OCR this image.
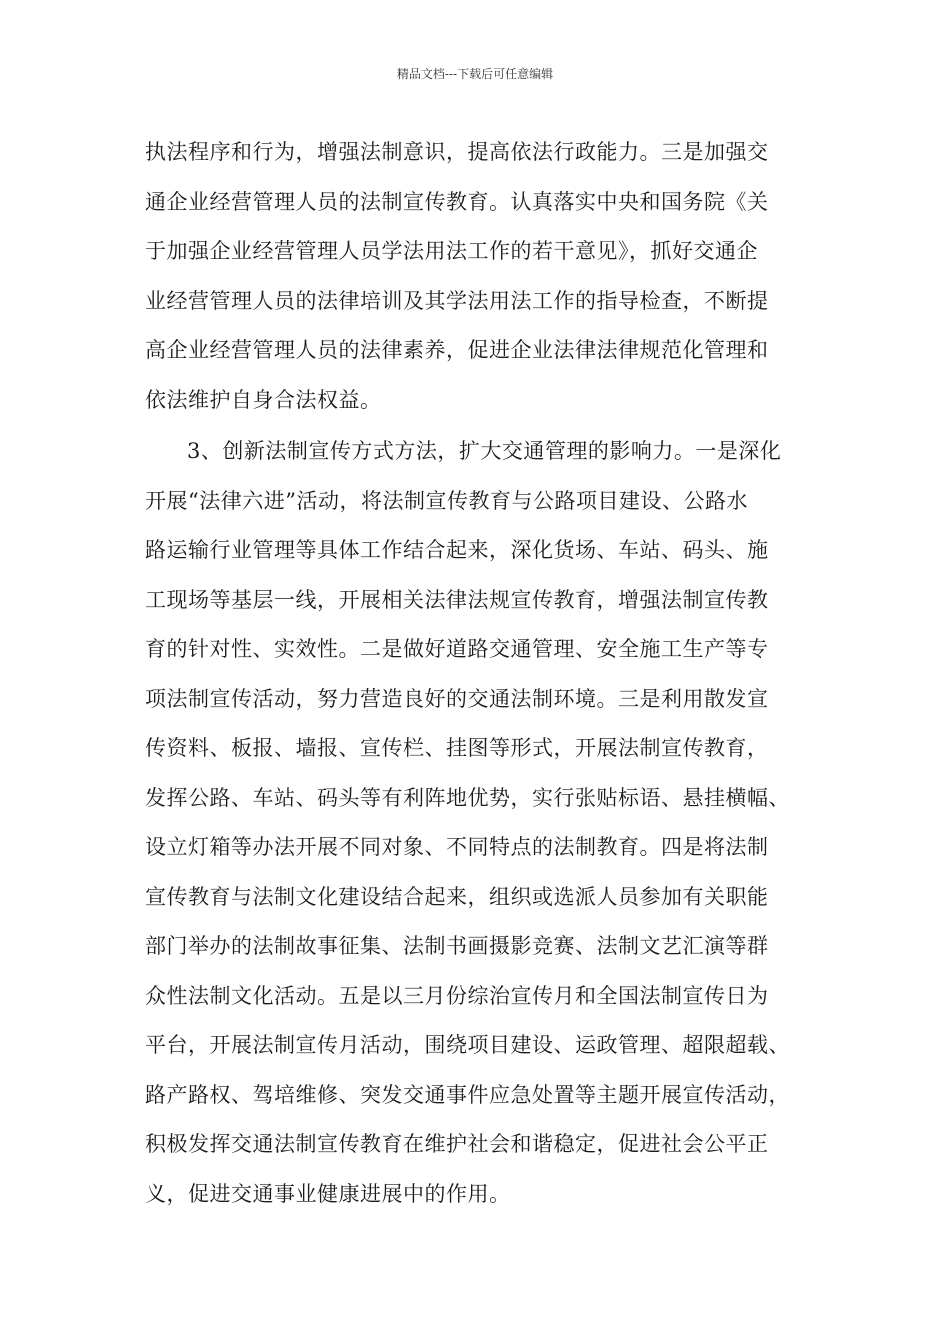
精品文档---下载后可任意编辑
执法程序和行为，增强法制意识，提高依法行政能力。三是加强交
通企业经营管理人员的法制宣传教育。认真落实中央和国务院《关
于加强企业经营管理人员学法用法工作的若干意见》，抓好交通企
业经营管理人员的法律培训及其学法用法工作的指导检查，不断提
高企业经营管理人员的法律素养，促进企业法律法律规范化管理和
依法维护自身合法权益。
3、创新法制宣传方式方法，扩大交通管理的影响力。一是深化
开展“法律六进”活动，将法制宣传教育与公路项目建设、公路水
路运输行业管理等具体工作结合起来，深化货场、车站、码头、施
工现场等基层一线，开展相关法律法规宣传教育，增强法制宣传教
育的针对性、实效性。二是做好道路交通管理、安全施工生产等专
项法制宣传活动，努力营造良好的交通法制环境。三是利用散发宣
传资料、板报、墙报、宣传栏、挂图等形式，开展法制宣传教育，
发挥公路、车站、码头等有利阵地优势，实行张贴标语、悬挂横幅、
设立灯箱等办法开展不同对象、不同特点的法制教育。四是将法制
宣传教育与法制文化建设结合起来，组织或选派人员参加有关职能
部门举办的法制故事征集、法制书画摄影竞赛、法制文艺汇演等群
众性法制文化活动。五是以三月份综治宣传月和全国法制宣传日为
平台，开展法制宣传月活动，围绕项目建设、运政管理、超限超载、
路产路权、驾培维修、突发交通事件应急处置等主题开展宣传活动，
积极发挥交通法制宣传教育在维护社会和谐稳定，促进社会公平正
义，促进交通事业健康进展中的作用。
